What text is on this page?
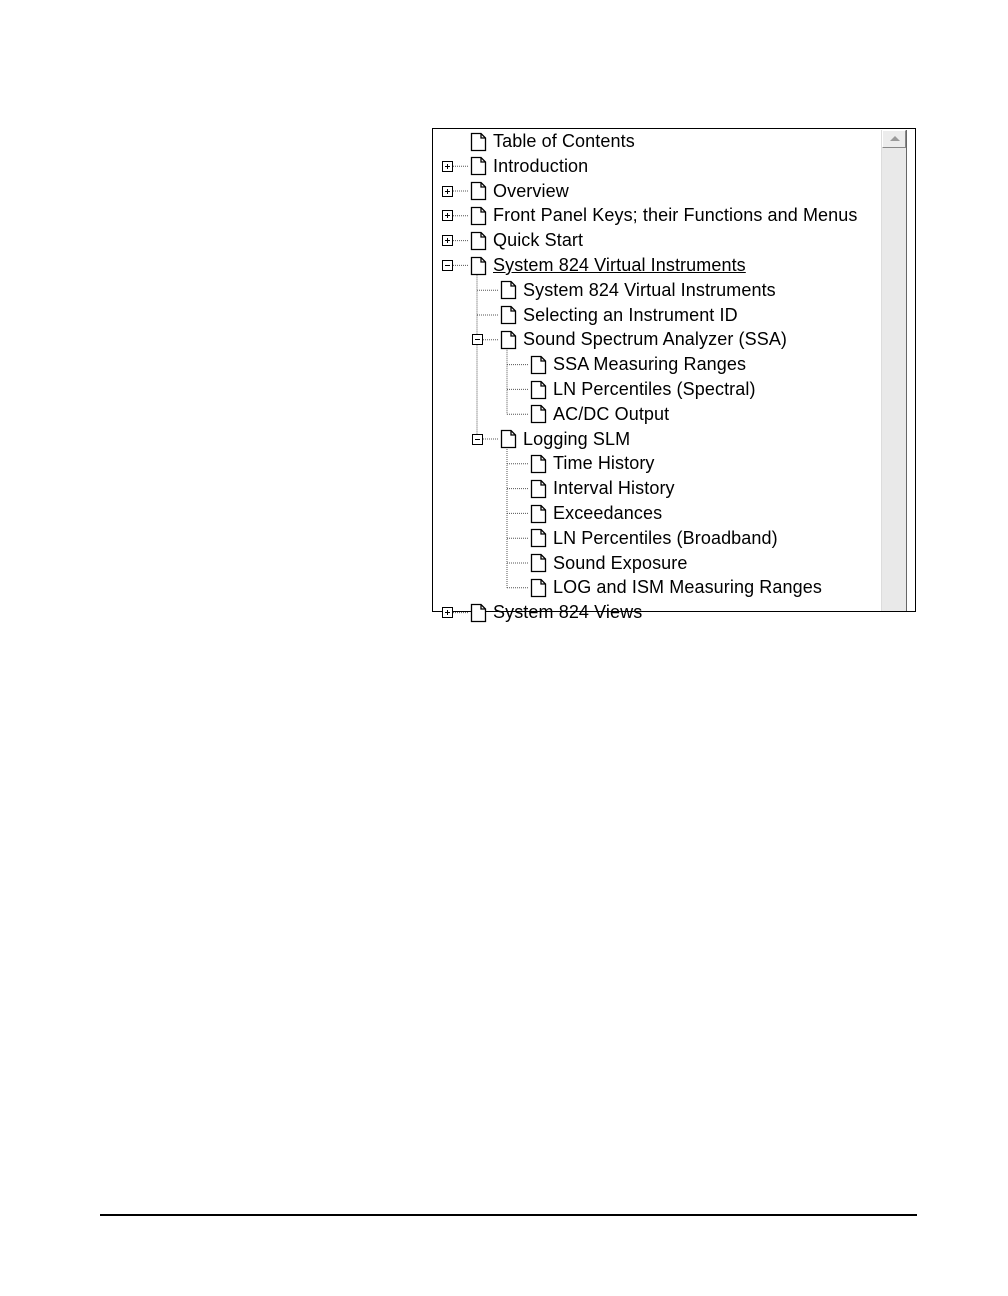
Table of Contents
Introduction
Overview
Front Panel Keys; their Functions and Menus
Quick Start
System 824 Virtual Instruments
System 824 Virtual Instruments
Selecting an Instrument ID
Sound Spectrum Analyzer (SSA)
SSA Measuring Ranges
LN Percentiles (Spectral)
AC/DC Output
Logging SLM
Time History
Interval History
Exceedances
LN Percentiles (Broadband)
Sound Exposure
LOG and ISM Measuring Ranges
System 824 Views
